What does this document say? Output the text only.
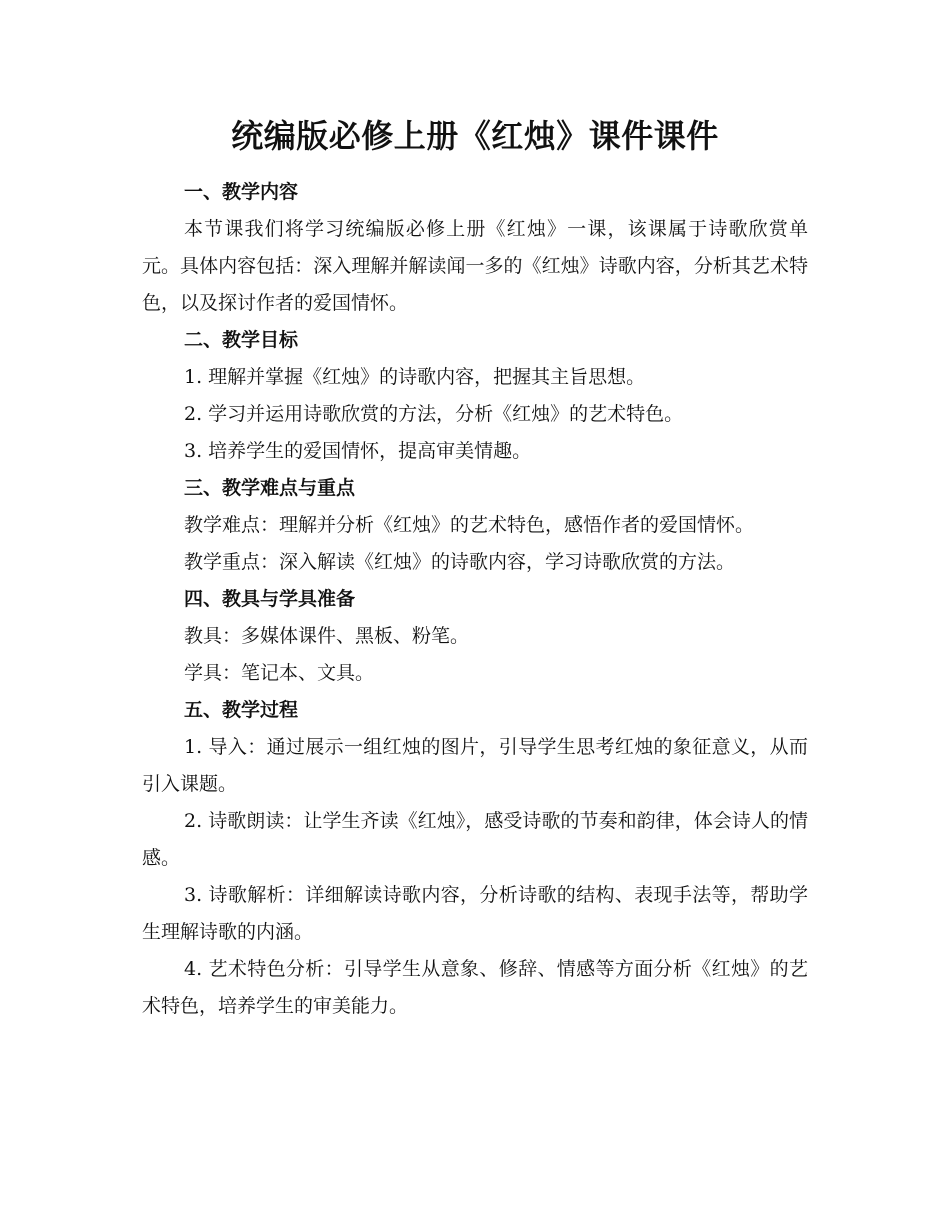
统编版必修上册《红烛》课件课件
一、教学内容

本节课我们将学习统编版必修上册《红烛》一课，该课属于诗歌欣赏单元。具体内容包括：深入理解并解读闻一多的《红烛》诗歌内容，分析其艺术特色，以及探讨作者的爱国情怀。

二、教学目标

1. 理解并掌握《红烛》的诗歌内容，把握其主旨思想。

2. 学习并运用诗歌欣赏的方法，分析《红烛》的艺术特色。

3. 培养学生的爱国情怀，提高审美情趣。

三、教学难点与重点

教学难点：理解并分析《红烛》的艺术特色，感悟作者的爱国情怀。

教学重点：深入解读《红烛》的诗歌内容，学习诗歌欣赏的方法。

四、教具与学具准备

教具：多媒体课件、黑板、粉笔。

学具：笔记本、文具。

五、教学过程

1. 导入：通过展示一组红烛的图片，引导学生思考红烛的象征意义，从而引入课题。

2. 诗歌朗读：让学生齐读《红烛》，感受诗歌的节奏和韵律，体会诗人的情感。

3. 诗歌解析：详细解读诗歌内容，分析诗歌的结构、表现手法等，帮助学生理解诗歌的内涵。

4. 艺术特色分析：引导学生从意象、修辞、情感等方面分析《红烛》的艺术特色，培养学生的审美能力。
